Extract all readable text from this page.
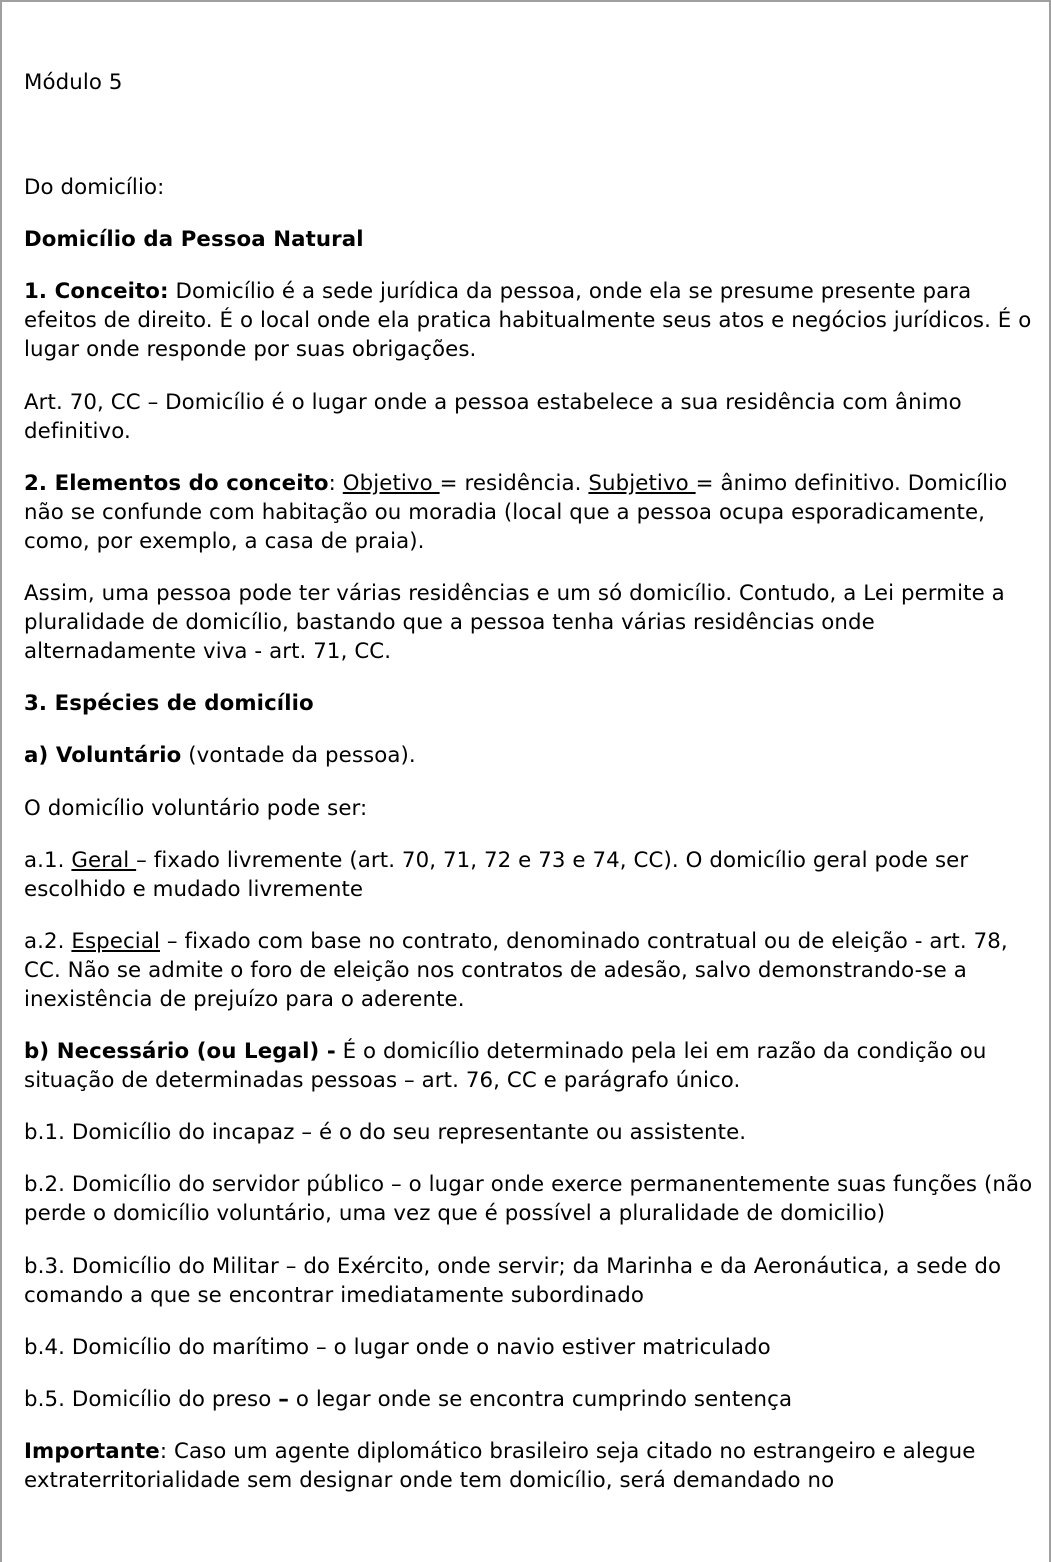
Módulo 5

Do domicílio:

Domicílio da Pessoa Natural

1. Conceito: Domicílio é a sede jurídica da pessoa, onde ela se presume presente para efeitos de direito. É o local onde ela pratica habitualmente seus atos e negócios jurídicos. É o lugar onde responde por suas obrigações.

Art. 70, CC – Domicílio é o lugar onde a pessoa estabelece a sua residência com ânimo definitivo.

2. Elementos do conceito: Objetivo = residência. Subjetivo = ânimo definitivo. Domicílio não se confunde com habitação ou moradia (local que a pessoa ocupa esporadicamente, como, por exemplo, a casa de praia).

Assim, uma pessoa pode ter várias residências e um só domicílio. Contudo, a Lei permite a pluralidade de domicílio, bastando que a pessoa tenha várias residências onde alternadamente viva - art. 71, CC.

3. Espécies de domicílio

a) Voluntário (vontade da pessoa).

O domicílio voluntário pode ser:

a.1. Geral – fixado livremente (art. 70, 71, 72 e 73 e 74, CC). O domicílio geral pode ser escolhido e mudado livremente

a.2. Especial – fixado com base no contrato, denominado contratual ou de eleição - art. 78, CC. Não se admite o foro de eleição nos contratos de adesão, salvo demonstrando-se a inexistência de prejuízo para o aderente.

b) Necessário (ou Legal) - É o domicílio determinado pela lei em razão da condição ou situação de determinadas pessoas – art. 76, CC e parágrafo único.

b.1. Domicílio do incapaz – é o do seu representante ou assistente.

b.2. Domicílio do servidor público – o lugar onde exerce permanentemente suas funções (não perde o domicílio voluntário, uma vez que é possível a pluralidade de domicilio)

b.3. Domicílio do Militar – do Exército, onde servir; da Marinha e da Aeronáutica, a sede do comando a que se encontrar imediatamente subordinado

b.4. Domicílio do marítimo – o lugar onde o navio estiver matriculado

b.5. Domicílio do preso – o legar onde se encontra cumprindo sentença

Importante: Caso um agente diplomático brasileiro seja citado no estrangeiro e alegue extraterritorialidade sem designar onde tem domicílio, será demandado no
